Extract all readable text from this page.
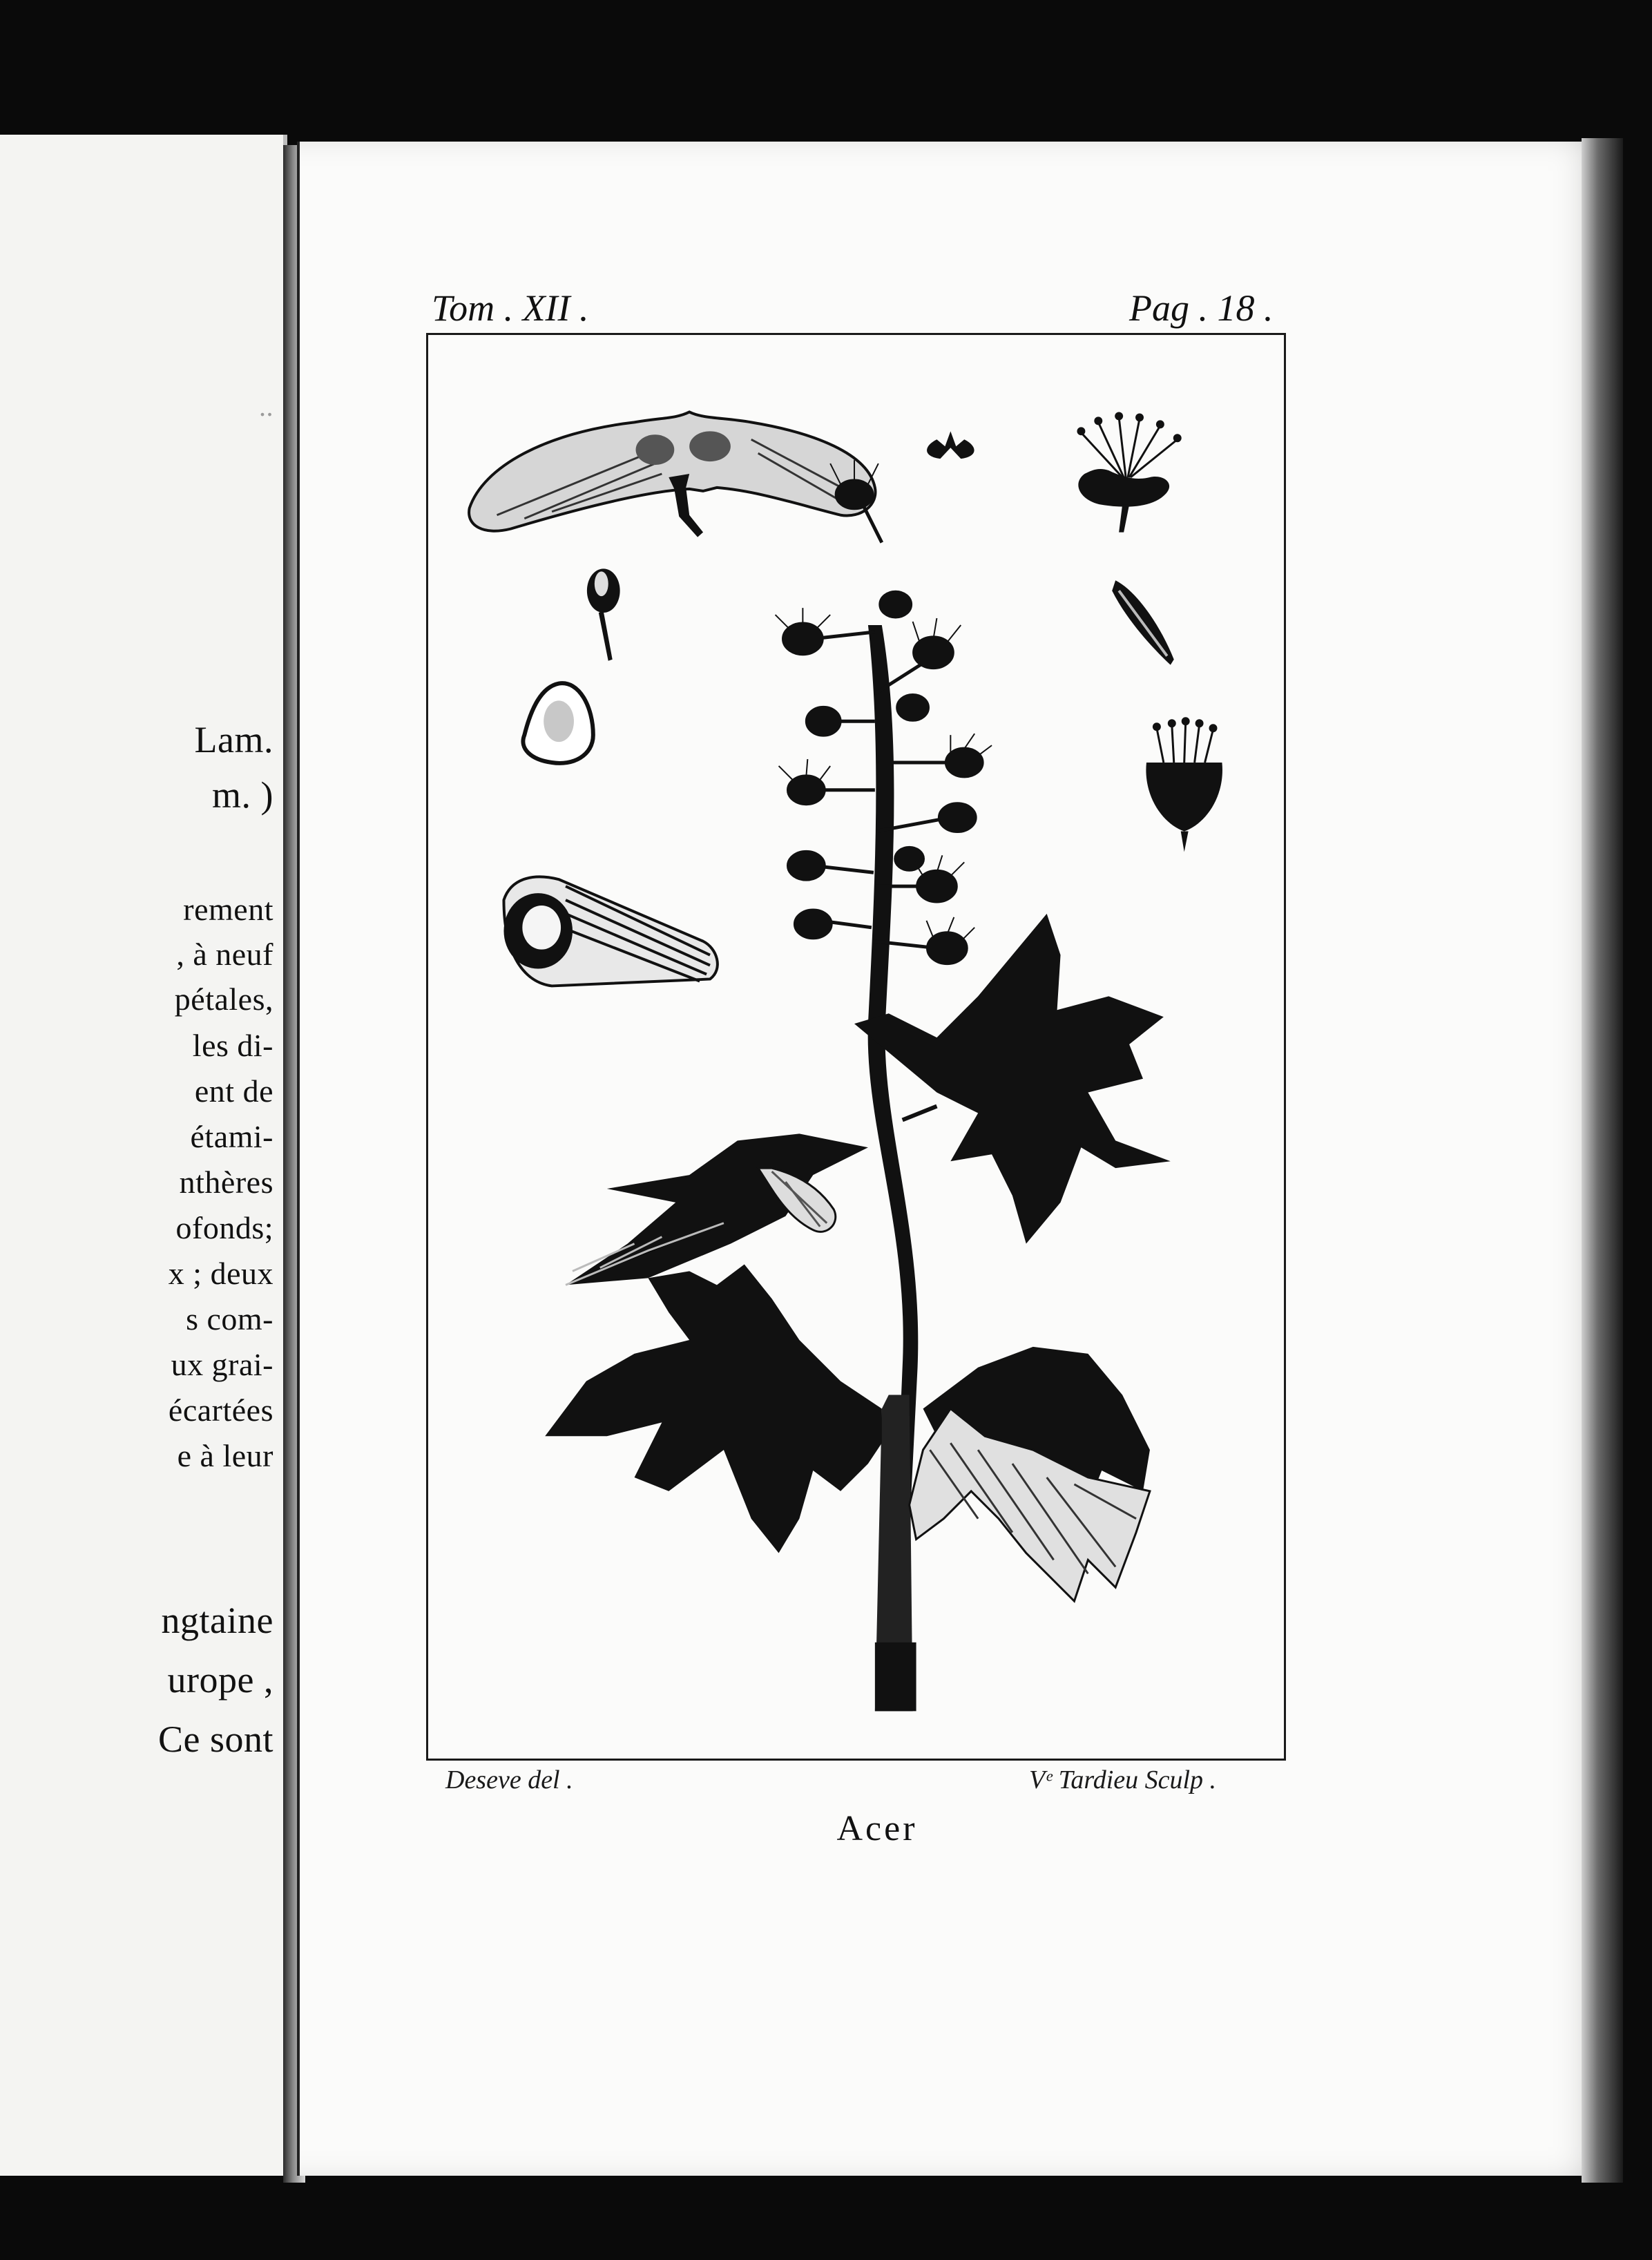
..
Lam.
m. )
rement
, à neuf
pétales,
les di-
ent de
étami-
nthères
ofonds;
x ; deux
s com-
ux grai-
écartées
e à leur
ngtaine
urope ,
Ce sont
Tom . XII .	Pag . 18 .
Deseve del .	Vᵉ Tardieu Sculp .
Acer
